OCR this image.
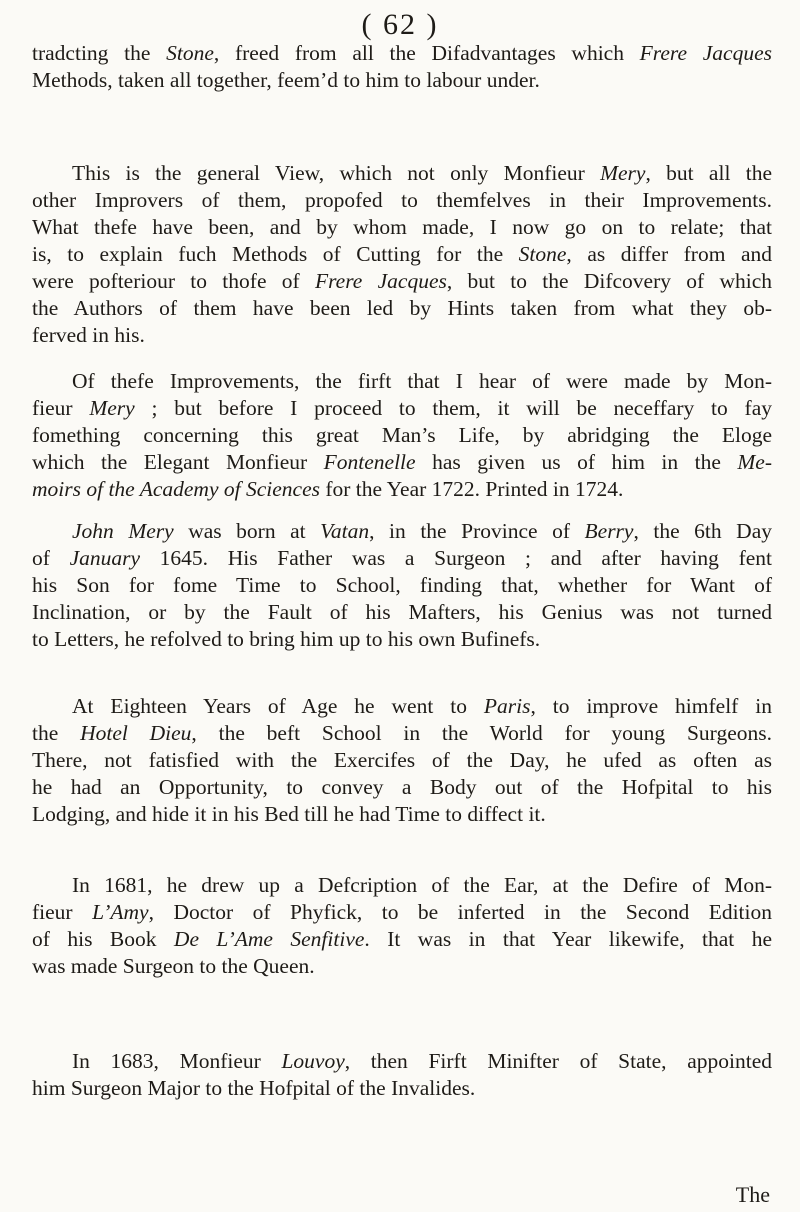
( 62 )
tradcting the Stone, freed from all the Difadvantages which Frere Jacques
Methods, taken all together, feem’d to him to labour under.
This is the general View, which not only Monfieur Mery, but all the
other Improvers of them, propofed to themfelves in their Improvements.
What thefe have been, and by whom made, I now go on to relate; that
is, to explain fuch Methods of Cutting for the Stone, as differ from and
were pofteriour to thofe of Frere Jacques, but to the Difcovery of which
the Authors of them have been led by Hints taken from what they ob-
ferved in his.
Of thefe Improvements, the firft that I hear of were made by Mon-
fieur Mery ; but before I proceed to them, it will be neceffary to fay
fomething concerning this great Man’s Life, by abridging the Eloge
which the Elegant Monfieur Fontenelle has given us of him in the Me-
moirs of the Academy of Sciences for the Year 1722. Printed in 1724.
John Mery was born at Vatan, in the Province of Berry, the 6th Day
of January 1645. His Father was a Surgeon ; and after having fent
his Son for fome Time to School, finding that, whether for Want of
Inclination, or by the Fault of his Mafters, his Genius was not turned
to Letters, he refolved to bring him up to his own Bufinefs.
At Eighteen Years of Age he went to Paris, to improve himfelf in
the Hotel Dieu, the beft School in the World for young Surgeons.
There, not fatisfied with the Exercifes of the Day, he ufed as often as
he had an Opportunity, to convey a Body out of the Hofpital to his
Lodging, and hide it in his Bed till he had Time to diffect it.
In 1681, he drew up a Defcription of the Ear, at the Defire of Mon-
fieur L’Amy, Doctor of Phyfick, to be inferted in the Second Edition
of his Book De L’Ame Senfitive. It was in that Year likewife, that he
was made Surgeon to the Queen.
In 1683, Monfieur Louvoy, then Firft Minifter of State, appointed
him Surgeon Major to the Hofpital of the Invalides.
The
